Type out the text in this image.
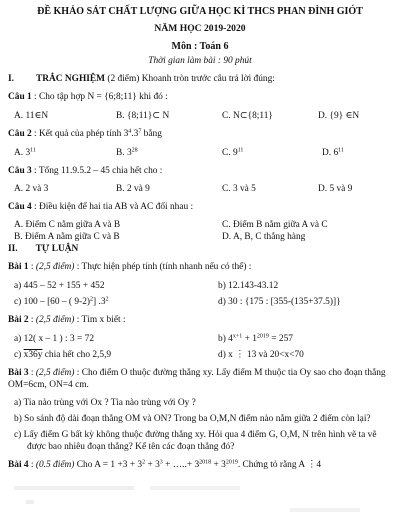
ĐỀ KHẢO SÁT CHẤT LƯỢNG GIỮA HỌC KÌ THCS PHAN ĐÌNH GIÓT
NĂM HỌC 2019-2020
Môn : Toán 6
Thời gian làm bài : 90 phút
I. TRẮC NGHIỆM (2 điểm) Khoanh tròn trước câu trả lời đúng:
Câu 1 : Cho tập hợp N = {6;8;11} khi đó :
A. 11∈N	B. {8;11}⊂ N	C. N⊂{8;11}	D. {9} ∈N
Câu 2 : Kết quả của phép tính $3^4.3^7$ bằng
A. $3^{11}$	B. $3^{28}$	C. $9^{11}$	D. $6^{11}$
Câu 3 : Tổng 11.9.5.2 – 45 chia hết cho :
A. 2 và 3	B. 2 và 9	C. 3 và 5	D. 5 và 9
Câu 4 : Điều kiện để hai tia AB và AC đối nhau :
A. Điểm C nằm giữa A và B	C. Điểm B nằm giữa A và C
B. Điểm A nằm giữa C và B	D. A, B, C thẳng hàng
II. TỰ LUẬN
Bài 1 : (2,5 điểm) : Thực hiện phép tính (tính nhanh nếu có thể) :
a) 445 – 52 + 155 + 452	b) 12.143-43.12
c) 100 – [60 – ( 9-2)$^2$] $.3^2$	d) 30 : {175 : [355-(135+37.5)]}
Bài 2 : (2,5 điểm) : Tìm x biết :
a) 12( x – 1 ) : 3 = 72	b) $4^{x+1} + 1^{2019} = 257$
c) x36y chia hết cho 2,5,9	d) x ⋮ 13 và 20<x<70
Bài 3 : (2,5 điểm) : Cho điểm O thuộc đường thẳng xy. Lấy điểm M thuộc tia Oy sao cho đoạn thẳng
OM=6cm, ON=4 cm.
a) Tia nào trùng với Ox ? Tia nào trùng với Oy ?
b) So sánh độ dài đoạn thẳng OM và ON? Trong ba O,M,N điểm nào nằm giữa 2 điểm còn lại?
c) Lấy điểm G bất kỳ không thuộc đường thẳng xy. Hỏi qua 4 điểm G, O,M, N trên hình vẽ ta vẽ
được bao nhiêu đoạn thẳng? Kể tên các đoạn thẳng đó?
Bài 4 : (0.5 điểm) Cho $A = 1 +3 + 3^2 + 3^3$ + …..+ $3^{2018} + 3^{2019}$. Chứng tỏ rằng A ⋮4
